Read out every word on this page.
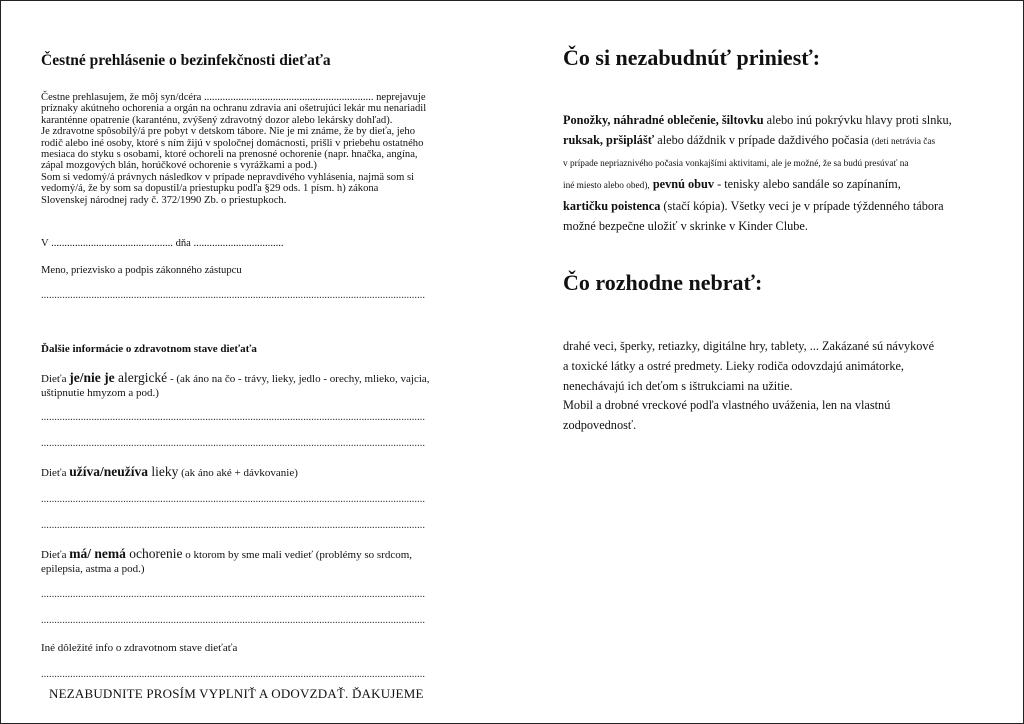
Čestné prehlásenie o bezinfekčnosti dieťaťa

Čestne prehlasujem, že môj syn/dcéra ................................................................ neprejavuje

príznaky akútneho ochorenia a orgán na ochranu zdravia ani ošetrujúci lekár mu nenariadil

karanténne opatrenie (karanténu, zvýšený zdravotný dozor alebo lekársky dohľad).

Je zdravotne spôsobilý/á pre pobyt v detskom tábore. Nie je mi známe, že by dieťa, jeho

rodič alebo iné osoby, ktoré s ním žijú v spoločnej domácnosti, prišli v priebehu ostatného

mesiaca do styku s osobami, ktoré ochoreli na prenosné ochorenie (napr. hnačka, angína,

zápal mozgových blán, horúčkové ochorenie s vyrážkami a pod.)

Som si vedomý/á právnych následkov v prípade nepravdivého vyhlásenia, najmä som si

vedomý/á, že by som sa dopustil/a priestupku podľa §29 ods. 1 písm. h) zákona

Slovenskej národnej rady č. 372/1990 Zb. o priestupkoch.

V .............................................. dňa ..................................
Meno, priezvisko a podpis zákonného zástupcu
.................................................................................................................................................
Ďalšie informácie o zdravotnom stave dieťaťa
Dieťa je/nie je alergické - (ak áno na čo - trávy, lieky, jedlo - orechy, mlieko, vajcia,
uštipnutie hmyzom a pod.)
.................................................................................................................................................
.................................................................................................................................................
Dieťa užíva/neužíva lieky (ak áno aké + dávkovanie)
.................................................................................................................................................
.................................................................................................................................................
Dieťa má/ nemá ochorenie o ktorom by sme mali vedieť (problémy so srdcom,
epilepsia, astma a pod.)
.................................................................................................................................................
.................................................................................................................................................
Iné dôležité info o zdravotnom stave dieťaťa
.................................................................................................................................................
NEZABUDNITE PROSÍM VYPLNIŤ A ODOVZDAŤ. ĎAKUJEME
Čo si nezabudnúť priniesť:
Ponožky, náhradné oblečenie, šiltovku alebo inú pokrývku hlavy proti slnku,
ruksak, pršiplášť alebo dáždnik v prípade daždivého počasia (deti netrávia čas
v prípade nepriaznivého počasia vonkajšími aktivitami, ale je možné, že sa budú presúvať na
iné miesto alebo obed), pevnú obuv - tenisky alebo sandále so zapínaním,
kartičku poistenca (stačí kópia). Všetky veci je v prípade týždenného tábora
možné bezpečne uložiť v skrinke v Kinder Clube.
Čo rozhodne nebrať:
drahé veci, šperky, retiazky, digitálne hry, tablety, ... Zakázané sú návykové
a toxické látky a ostré predmety. Lieky rodiča odovzdajú animátorke,
nenechávajú ich deťom s ištrukciami na užitie.
Mobil a drobné vreckové podľa vlastného uváženia, len na vlastnú
zodpovednosť.
